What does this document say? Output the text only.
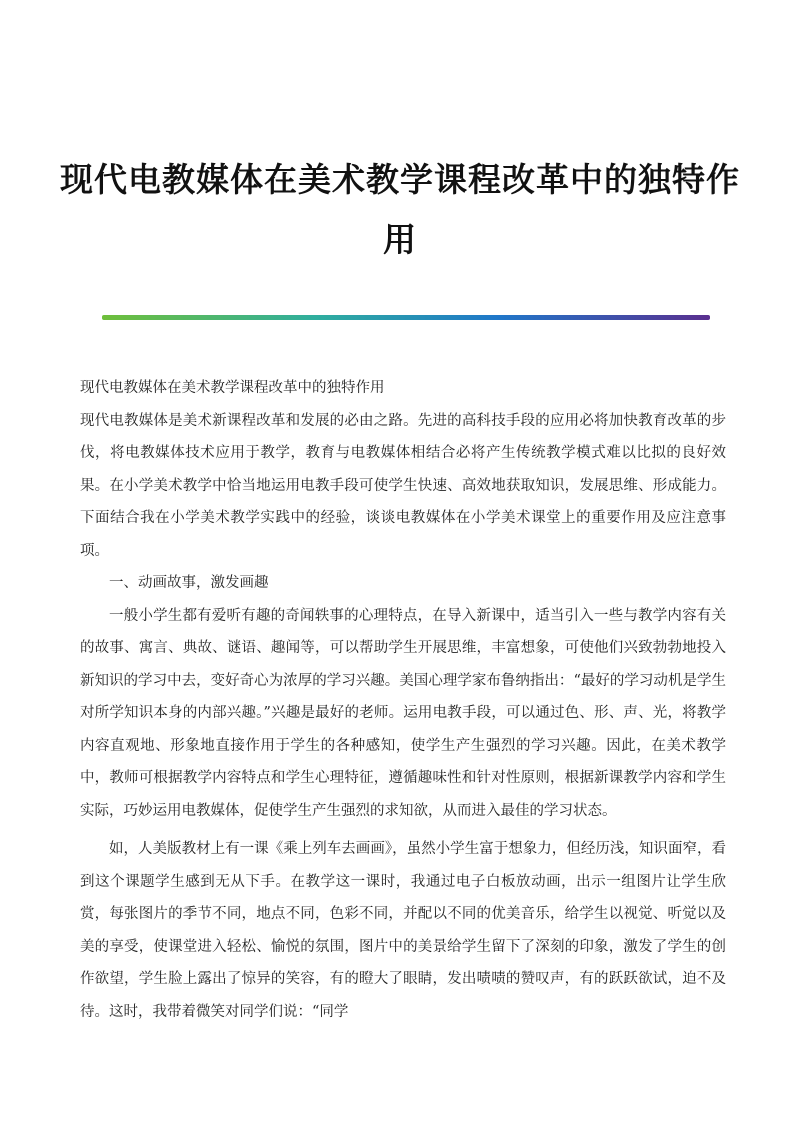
现代电教媒体在美术教学课程改革中的独特作用

现代电教媒体在美术教学课程改革中的独特作用

现代电教媒体是美术新课程改革和发展的必由之路。先进的高科技手段的应用必将加快教育改革的步伐，将电教媒体技术应用于教学，教育与电教媒体相结合必将产生传统教学模式难以比拟的良好效果。在小学美术教学中恰当地运用电教手段可使学生快速、高效地获取知识，发展思维、形成能力。下面结合我在小学美术教学实践中的经验，谈谈电教媒体在小学美术课堂上的重要作用及应注意事项。

一、动画故事，激发画趣

一般小学生都有爱听有趣的奇闻轶事的心理特点，在导入新课中，适当引入一些与教学内容有关的故事、寓言、典故、谜语、趣闻等，可以帮助学生开展思维，丰富想象，可使他们兴致勃勃地投入新知识的学习中去，变好奇心为浓厚的学习兴趣。美国心理学家布鲁纳指出：“最好的学习动机是学生对所学知识本身的内部兴趣。”兴趣是最好的老师。运用电教手段，可以通过色、形、声、光，将教学内容直观地、形象地直接作用于学生的各种感知，使学生产生强烈的学习兴趣。因此，在美术教学中，教师可根据教学内容特点和学生心理特征，遵循趣味性和针对性原则，根据新课教学内容和学生实际，巧妙运用电教媒体，促使学生产生强烈的求知欲，从而进入最佳的学习状态。

如，人美版教材上有一课《乘上列车去画画》，虽然小学生富于想象力，但经历浅，知识面窄，看到这个课题学生感到无从下手。在教学这一课时，我通过电子白板放动画，出示一组图片让学生欣赏，每张图片的季节不同，地点不同，色彩不同，并配以不同的优美音乐，给学生以视觉、听觉以及美的享受，使课堂进入轻松、愉悦的氛围，图片中的美景给学生留下了深刻的印象，激发了学生的创作欲望，学生脸上露出了惊异的笑容，有的瞪大了眼睛，发出啧啧的赞叹声，有的跃跃欲试，迫不及待。这时，我带着微笑对同学们说：“同学
